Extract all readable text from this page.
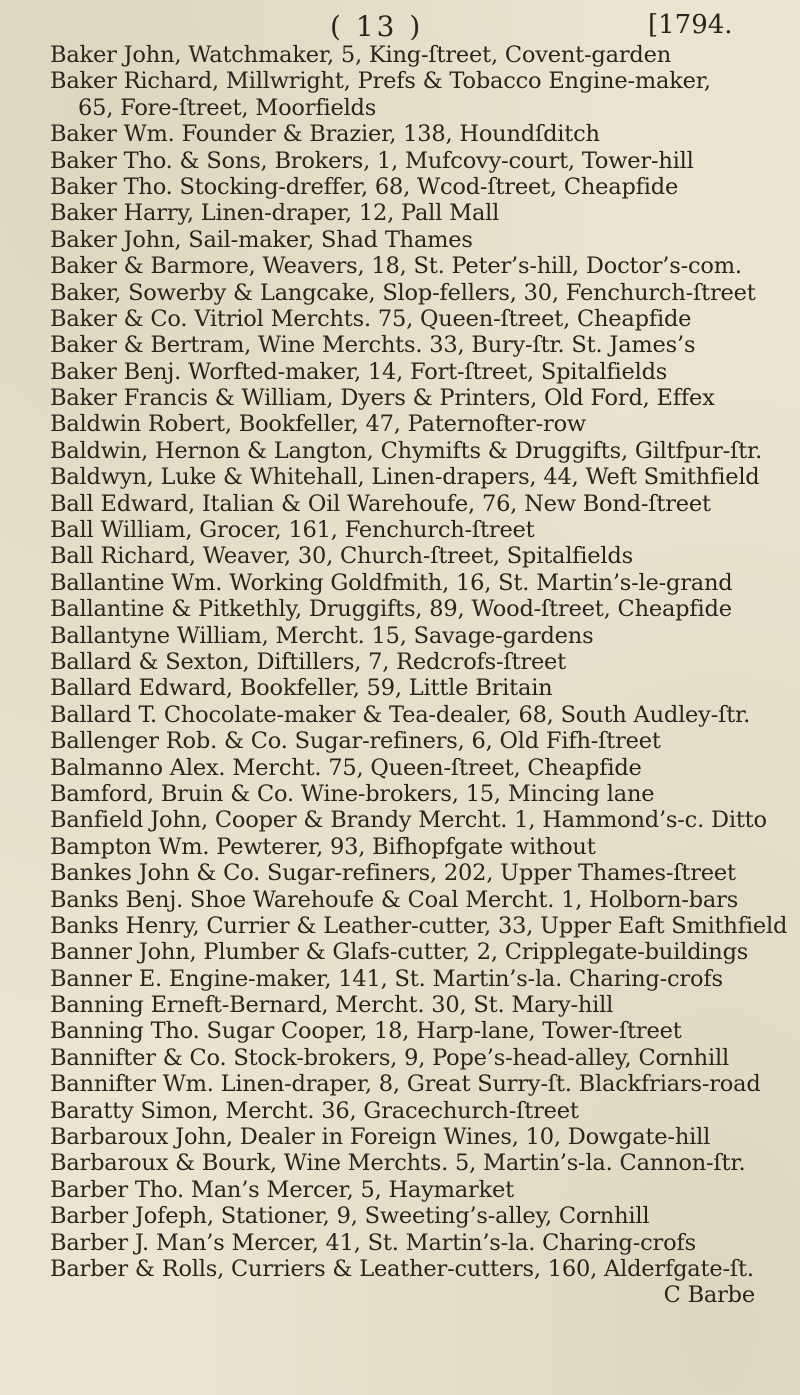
( 13 )	[1794.
Baker John, Watchmaker, 5, King-ſtreet, Covent-garden
Baker Richard, Millwright, Prefs & Tobacco Engine-maker,
65, Fore-ſtreet, Moorfields
Baker Wm. Founder & Brazier, 138, Houndſditch
Baker Tho. & Sons, Brokers, 1, Mufcovy-court, Tower-hill
Baker Tho. Stocking-dreffer, 68, Wcod-ſtreet, Cheapfide
Baker Harry, Linen-draper, 12, Pall Mall
Baker John, Sail-maker, Shad Thames
Baker & Barmore, Weavers, 18, St. Peter’s-hill, Doctor’s-com.
Baker, Sowerby & Langcake, Slop-fellers, 30, Fenchurch-ſtreet
Baker & Co. Vitriol Merchts. 75, Queen-ſtreet, Cheapfide
Baker & Bertram, Wine Merchts. 33, Bury-ſtr. St. James’s
Baker Benj. Worfted-maker, 14, Fort-ſtreet, Spitalfields
Baker Francis & William, Dyers & Printers, Old Ford, Effex
Baldwin Robert, Bookfeller, 47, Paternofter-row
Baldwin, Hernon & Langton, Chymifts & Druggifts, Giltfpur-ſtr.
Baldwyn, Luke & Whitehall, Linen-drapers, 44, Weft Smithfield
Ball Edward, Italian & Oil Warehoufe, 76, New Bond-ſtreet
Ball William, Grocer, 161, Fenchurch-ſtreet
Ball Richard, Weaver, 30, Church-ſtreet, Spitalfields
Ballantine Wm. Working Goldfmith, 16, St. Martin’s-le-grand
Ballantine & Pitkethly, Druggifts, 89, Wood-ſtreet, Cheapfide
Ballantyne William, Mercht. 15, Savage-gardens
Ballard & Sexton, Diftillers, 7, Redcrofs-ſtreet
Ballard Edward, Bookfeller, 59, Little Britain
Ballard T. Chocolate-maker & Tea-dealer, 68, South Audley-ſtr.
Ballenger Rob. & Co. Sugar-refiners, 6, Old Fifh-ſtreet
Balmanno Alex. Mercht. 75, Queen-ſtreet, Cheapfide
Bamford, Bruin & Co. Wine-brokers, 15, Mincing lane
Banfield John, Cooper & Brandy Mercht. 1, Hammond’s-c. Ditto
Bampton Wm. Pewterer, 93, Bifhopfgate without
Bankes John & Co. Sugar-refiners, 202, Upper Thames-ſtreet
Banks Benj. Shoe Warehoufe & Coal Mercht. 1, Holborn-bars
Banks Henry, Currier & Leather-cutter, 33, Upper Eaft Smithfield
Banner John, Plumber & Glafs-cutter, 2, Cripplegate-buildings
Banner E. Engine-maker, 141, St. Martin’s-la. Charing-crofs
Banning Erneft-Bernard, Mercht. 30, St. Mary-hill
Banning Tho. Sugar Cooper, 18, Harp-lane, Tower-ſtreet
Bannifter & Co. Stock-brokers, 9, Pope’s-head-alley, Cornhill
Bannifter Wm. Linen-draper, 8, Great Surry-ſt. Blackfriars-road
Baratty Simon, Mercht. 36, Gracechurch-ſtreet
Barbaroux John, Dealer in Foreign Wines, 10, Dowgate-hill
Barbaroux & Bourk, Wine Merchts. 5, Martin’s-la. Cannon-ſtr.
Barber Tho. Man’s Mercer, 5, Haymarket
Barber Jofeph, Stationer, 9, Sweeting’s-alley, Cornhill
Barber J. Man’s Mercer, 41, St. Martin’s-la. Charing-crofs
Barber & Rolls, Curriers & Leather-cutters, 160, Alderfgate-ſt.
C Barbe
